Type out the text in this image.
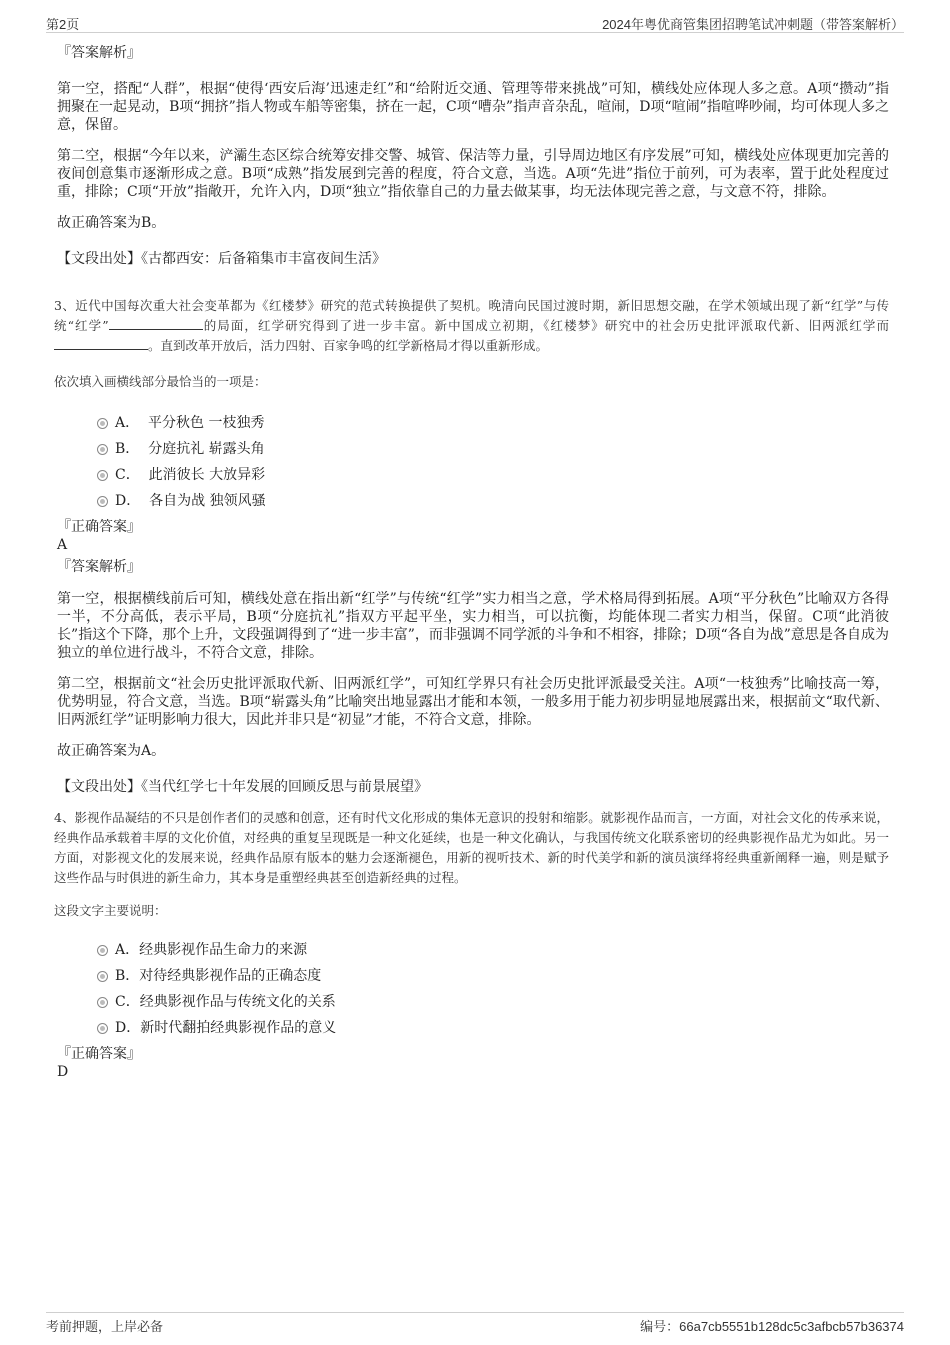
第2页	2024年粤优商管集团招聘笔试冲刺题（带答案解析）
『答案解析』

第一空，搭配“人群”，根据“使得‘西安后海’迅速走红”和“给附近交通、管理等带来挑战”可知，横线处应体现人多之意。A项“攒动”指拥聚在一起晃动，B项“拥挤”指人物或车船等密集，挤在一起，C项“嘈杂”指声音杂乱，喧闹，D项“喧闹”指喧哗吵闹，均可体现人多之意，保留。

第二空，根据“今年以来，浐灞生态区综合统筹安排交警、城管、保洁等力量，引导周边地区有序发展”可知，横线处应体现更加完善的夜间创意集市逐渐形成之意。B项“成熟”指发展到完善的程度，符合文意，当选。A项“先进”指位于前列，可为表率，置于此处程度过重，排除；C项“开放”指敞开，允许入内，D项“独立”指依靠自己的力量去做某事，均无法体现完善之意，与文意不符，排除。

故正确答案为B。

【文段出处】《古都西安：后备箱集市丰富夜间生活》

3、近代中国每次重大社会变革都为《红楼梦》研究的范式转换提供了契机。晚清向民国过渡时期，新旧思想交融，在学术领域出现了新“红学”与传统“红学”	的局面，红学研究得到了进一步丰富。新中国成立初期，《红楼梦》研究中的社会历史批评派取代新、旧两派红学而。直到改革开放后，活力四射、百家争鸣的红学新格局才得以重新形成。

依次填入画横线部分最恰当的一项是：

A． 平分秋色 一枝独秀
B． 分庭抗礼 崭露头角
C． 此消彼长 大放异彩
D． 各自为战 独领风骚
『正确答案』
A
『答案解析』

第一空，根据横线前后可知，横线处意在指出新“红学”与传统“红学”实力相当之意，学术格局得到拓展。A项“平分秋色”比喻双方各得一半，不分高低，表示平局，B项“分庭抗礼”指双方平起平坐，实力相当，可以抗衡，均能体现二者实力相当，保留。C项“此消彼长”指这个下降，那个上升，文段强调得到了“进一步丰富”，而非强调不同学派的斗争和不相容，排除；D项“各自为战”意思是各自成为独立的单位进行战斗，不符合文意，排除。

第二空，根据前文“社会历史批评派取代新、旧两派红学”，可知红学界只有社会历史批评派最受关注。A项“一枝独秀”比喻技高一筹，优势明显，符合文意，当选。B项“崭露头角”比喻突出地显露出才能和本领，一般多用于能力初步明显地展露出来，根据前文“取代新、旧两派红学”证明影响力很大，因此并非只是“初显”才能，不符合文意，排除。

故正确答案为A。

【文段出处】《当代红学七十年发展的回顾反思与前景展望》

4、影视作品凝结的不只是创作者们的灵感和创意，还有时代文化形成的集体无意识的投射和缩影。就影视作品而言，一方面，对社会文化的传承来说，经典作品承载着丰厚的文化价值，对经典的重复呈现既是一种文化延续，也是一种文化确认，与我国传统文化联系密切的经典影视作品尤为如此。另一方面，对影视文化的发展来说，经典作品原有版本的魅力会逐渐褪色，用新的视听技术、新的时代美学和新的演员演绎将经典重新阐释一遍，则是赋予这些作品与时俱进的新生命力，其本身是重塑经典甚至创造新经典的过程。

这段文字主要说明：

A．经典影视作品生命力的来源
B．对待经典影视作品的正确态度
C．经典影视作品与传统文化的关系
D．新时代翻拍经典影视作品的意义
『正确答案』
D
考前押题，上岸必备	编号：66a7cb5551b128dc5c3afbcb57b36374
